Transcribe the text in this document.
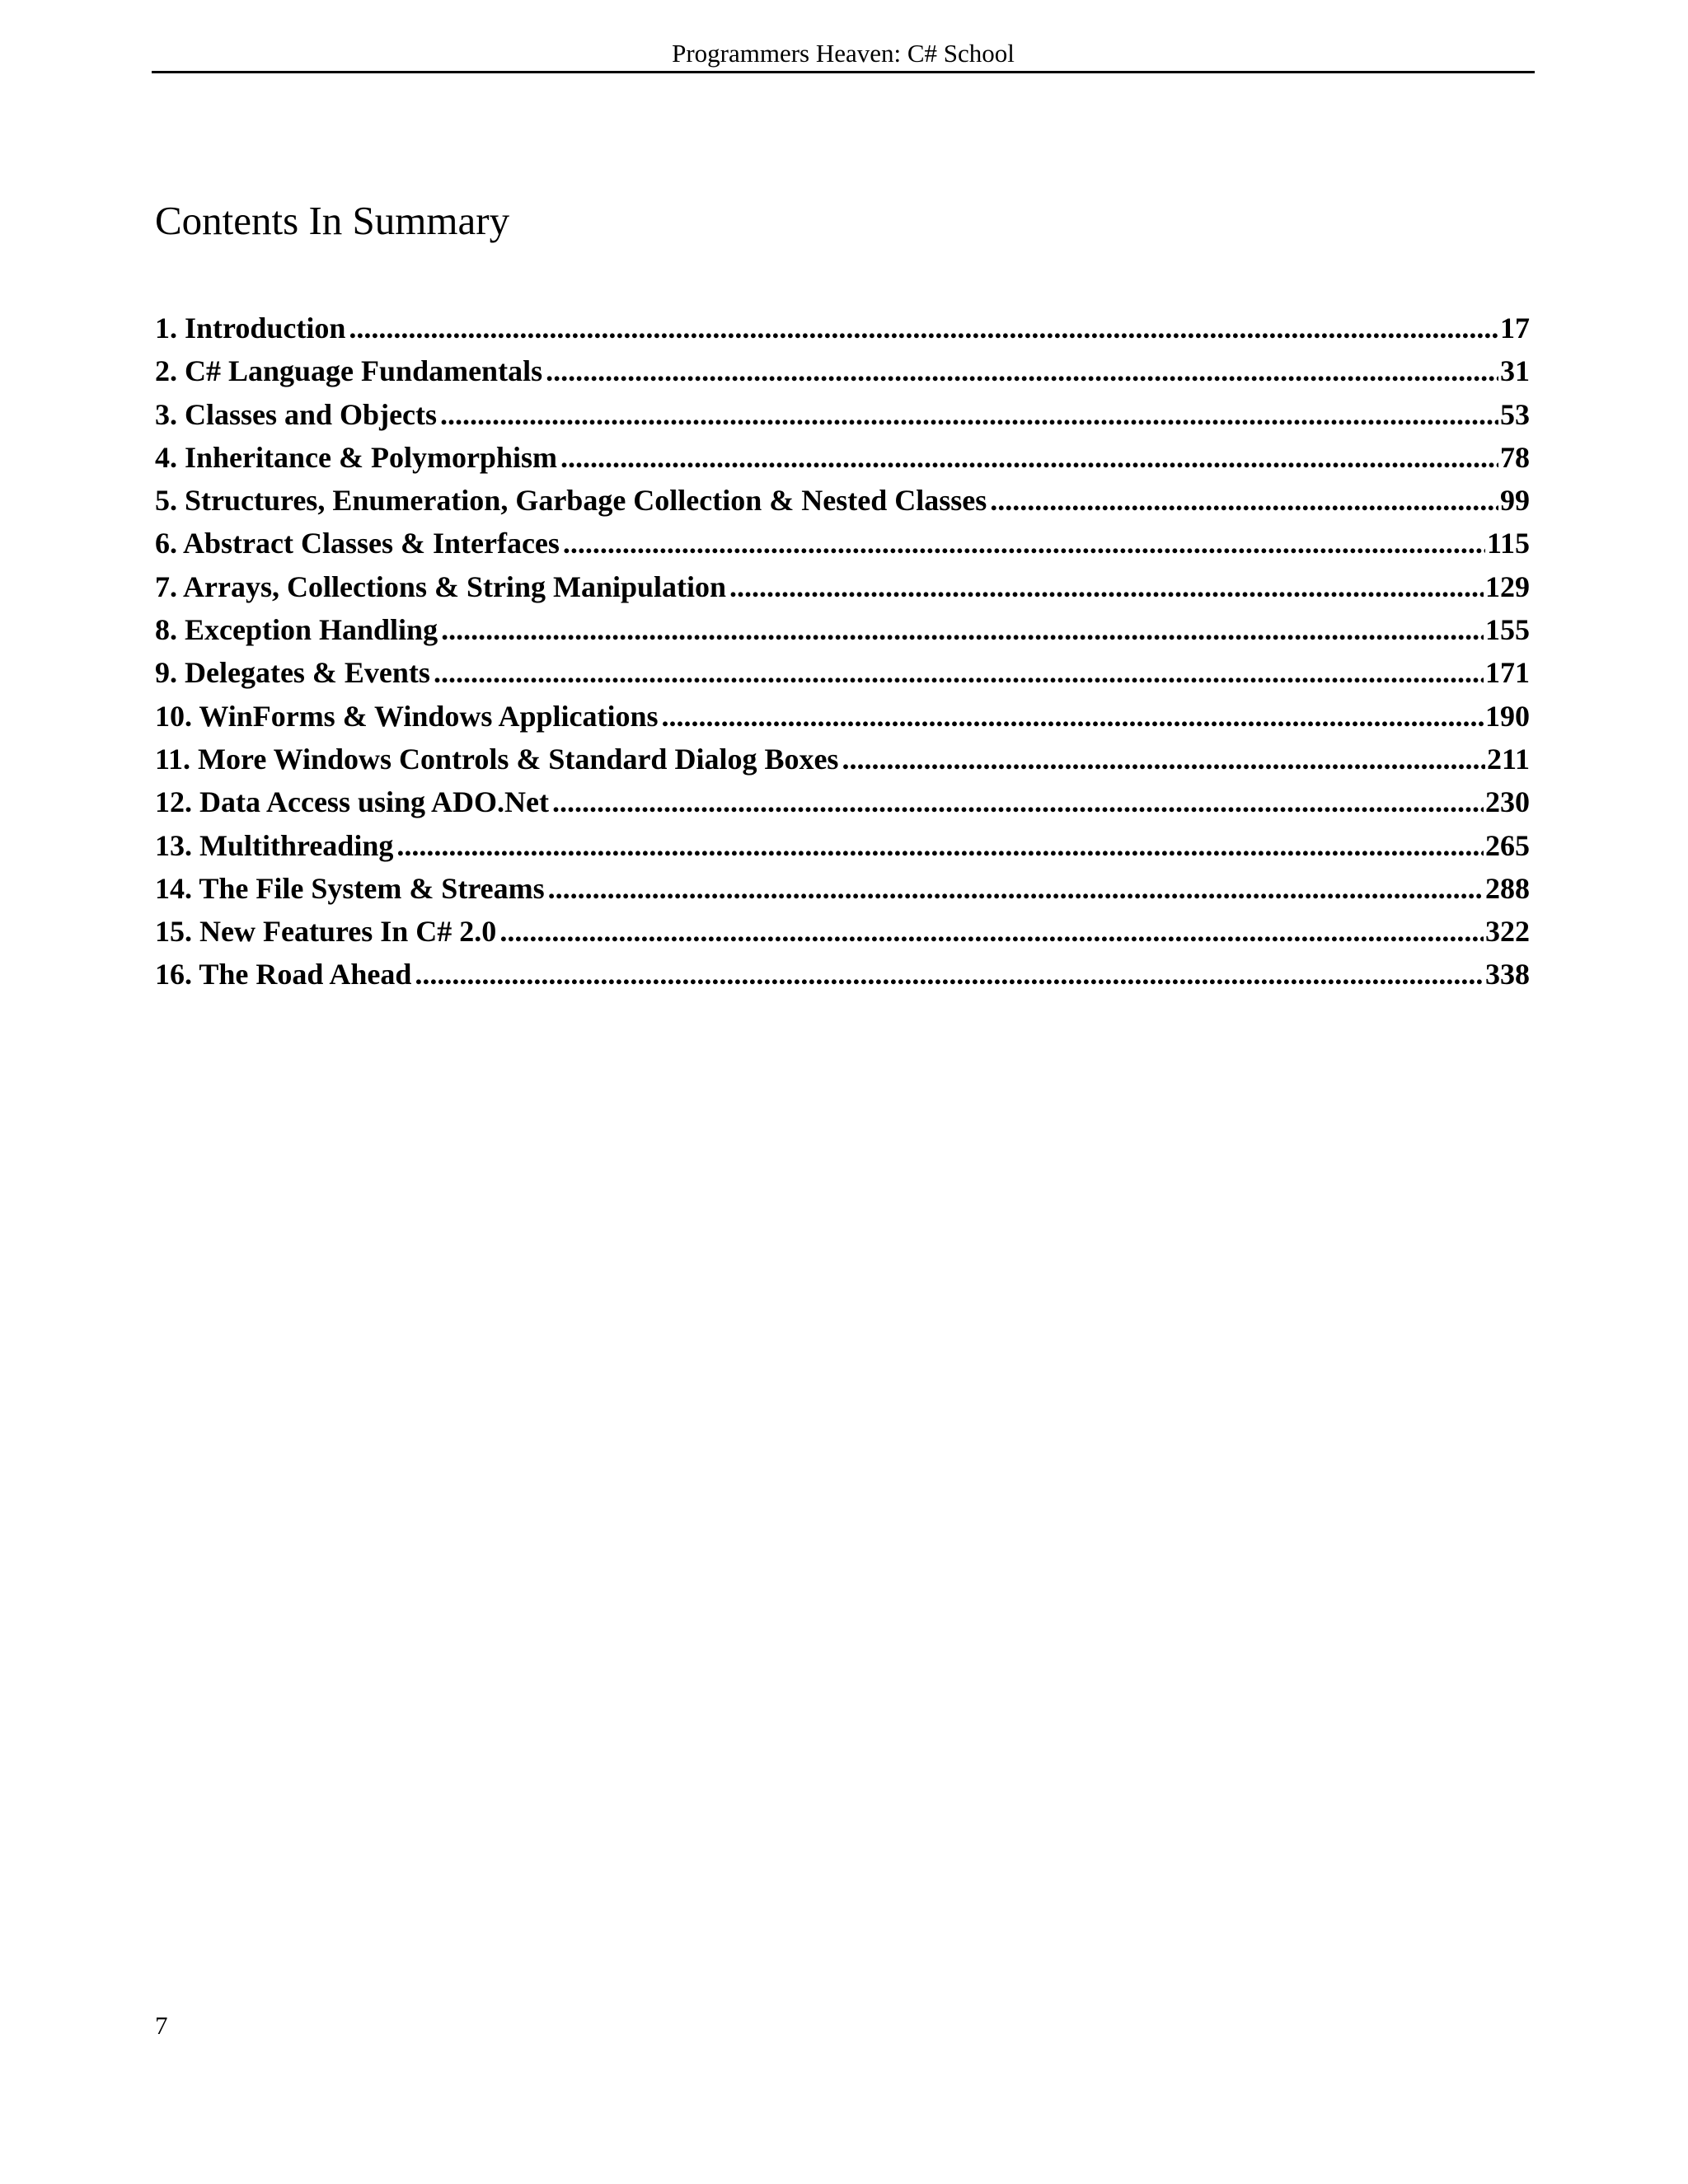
Programmers Heaven: C# School
Contents In Summary
1. Introduction .....	17
2. C# Language Fundamentals .....	31
3. Classes and Objects .....	53
4. Inheritance & Polymorphism .....	78
5. Structures, Enumeration, Garbage Collection & Nested Classes .....	99
6. Abstract Classes & Interfaces .....	115
7. Arrays, Collections & String Manipulation .....	129
8. Exception Handling .....	155
9. Delegates & Events .....	171
10. WinForms & Windows Applications .....	190
11. More Windows Controls & Standard Dialog Boxes .....	211
12. Data Access using ADO.Net .....	230
13. Multithreading .....	265
14. The File System & Streams .....	288
15. New Features In C# 2.0 .....	322
16. The Road Ahead .....	338
7
